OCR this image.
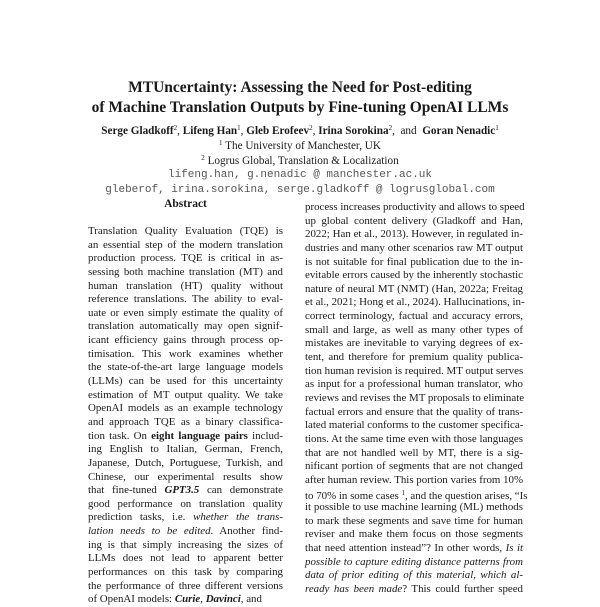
MTUncertainty: Assessing the Need for Post-editing
of Machine Translation Outputs by Fine-tuning OpenAI LLMs
Serge Gladkoff$^2$, Lifeng Han$^1$, Gleb Erofeev$^2$, Irina Sorokina$^2$,  and Goran Nenadic$^1$
$^1$ The University of Manchester, UK
$^2$ Logrus Global, Translation & Localization
lifeng.han, g.nenadic @ manchester.ac.uk
gleberof, irina.sorokina, serge.gladkoff @ logrusglobal.com
Abstract
Translation Quality Evaluation (TQE) is
an essential step of the modern translation
production process. TQE is critical in as-
sessing both machine translation (MT) and
human translation (HT) quality without
reference translations. The ability to eval-
uate or even simply estimate the quality of
translation automatically may open signif-
icant efficiency gains through process op-
timisation. This work examines whether
the state-of-the-art large language models
(LLMs) can be used for this uncertainty
estimation of MT output quality. We take
OpenAI models as an example technology
and approach TQE as a binary classifica-
tion task. On eight language pairs includ-
ing English to Italian, German, French,
Japanese, Dutch, Portuguese, Turkish, and
Chinese, our experimental results show
that fine-tuned GPT3.5 can demonstrate
good performance on translation quality
prediction tasks, i.e. whether the trans-
lation needs to be edited. Another find-
ing is that simply increasing the sizes of
LLMs does not lead to apparent better
performances on this task by comparing
the performance of three different versions
of OpenAI models: Curie, Davinci, and
process increases productivity and allows to speed
up global content delivery (Gladkoff and Han,
2022; Han et al., 2013). However, in regulated in-
dustries and many other scenarios raw MT output
is not suitable for final publication due to the in-
evitable errors caused by the inherently stochastic
nature of neural MT (NMT) (Han, 2022a; Freitag
et al., 2021; Hong et al., 2024). Hallucinations, in-
correct terminology, factual and accuracy errors,
small and large, as well as many other types of
mistakes are inevitable to varying degrees of ex-
tent, and therefore for premium quality publica-
tion human revision is required. MT output serves
as input for a professional human translator, who
reviews and revises the MT proposals to eliminate
factual errors and ensure that the quality of trans-
lated material conforms to the customer specifica-
tions. At the same time even with those languages
that are not handled well by MT, there is a sig-
nificant portion of segments that are not changed
after human review. This portion varies from 10%
to 70% in some cases $^1$, and the question arises, “Is
it possible to use machine learning (ML) methods
to mark these segments and save time for human
reviser and make them focus on those segments
that need attention instead”? In other words, Is it
possible to capture editing distance patterns from
data of prior editing of this material, which al-
ready has been made? This could further speed
